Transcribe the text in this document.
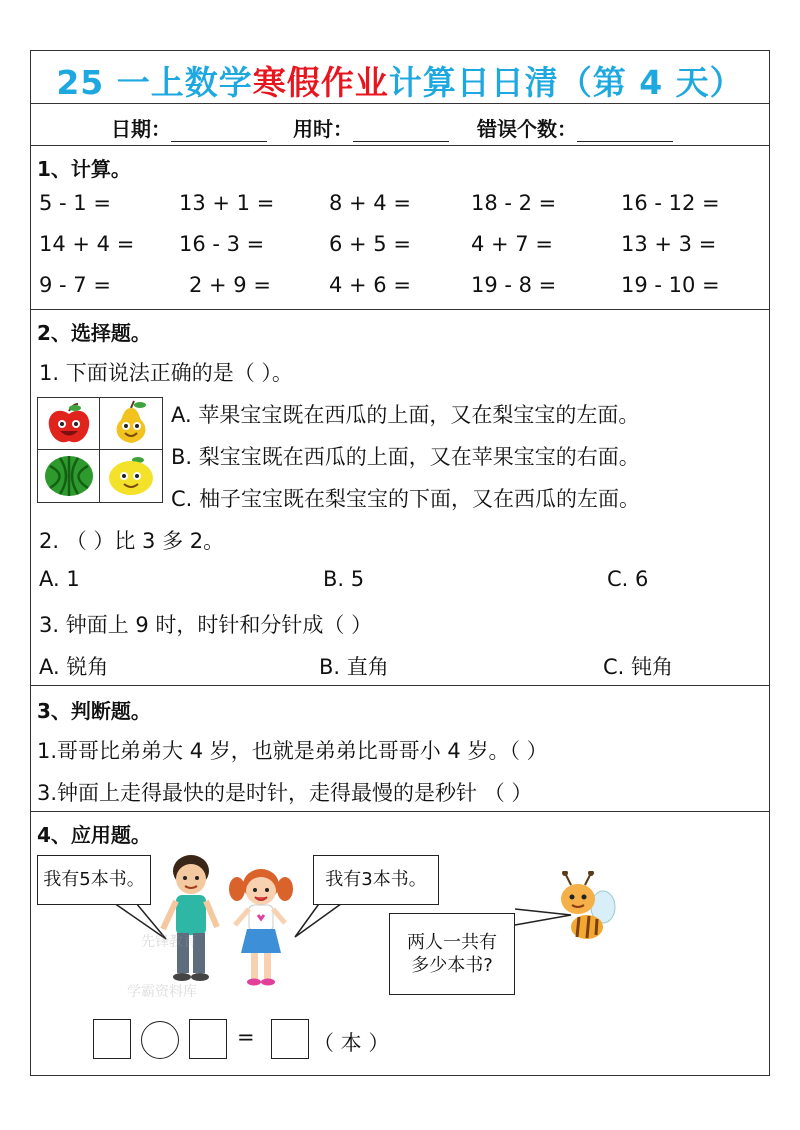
25 一上数学寒假作业计算日日清（第 4 天）
日期：	用时：	错误个数：
1、计算。
5 - 1 =	13 + 1 =	8 + 4 =	18 - 2 =	16 - 12 =
14 + 4 = 16 - 3 =	6 + 5 =	4 + 7 =	13 + 3 =
9 - 7 =	2 + 9 =	4 + 6 =	19 - 8 =	19 - 10 =
2、选择题。
1. 下面说法正确的是（ ）。
A. 苹果宝宝既在西瓜的上面，又在梨宝宝的左面。
B. 梨宝宝既在西瓜的上面，又在苹果宝宝的右面。
C. 柚子宝宝既在梨宝宝的下面，又在西瓜的左面。
2. （ ）比 3 多 2。
A. 1	B. 5	C. 6
3. 钟面上 9 时，时针和分针成（ ）
A. 锐角	B. 直角	C. 钝角
3、判断题。
1.哥哥比弟弟大 4 岁，也就是弟弟比哥哥小 4 岁。（ ）
3.钟面上走得最快的是时针，走得最慢的是秒针 （ ）
4、应用题。
我有5本书。	我有3本书。
两人一共有多少本书?
先锋教育
学霸资料库
=	（ 本 ）
